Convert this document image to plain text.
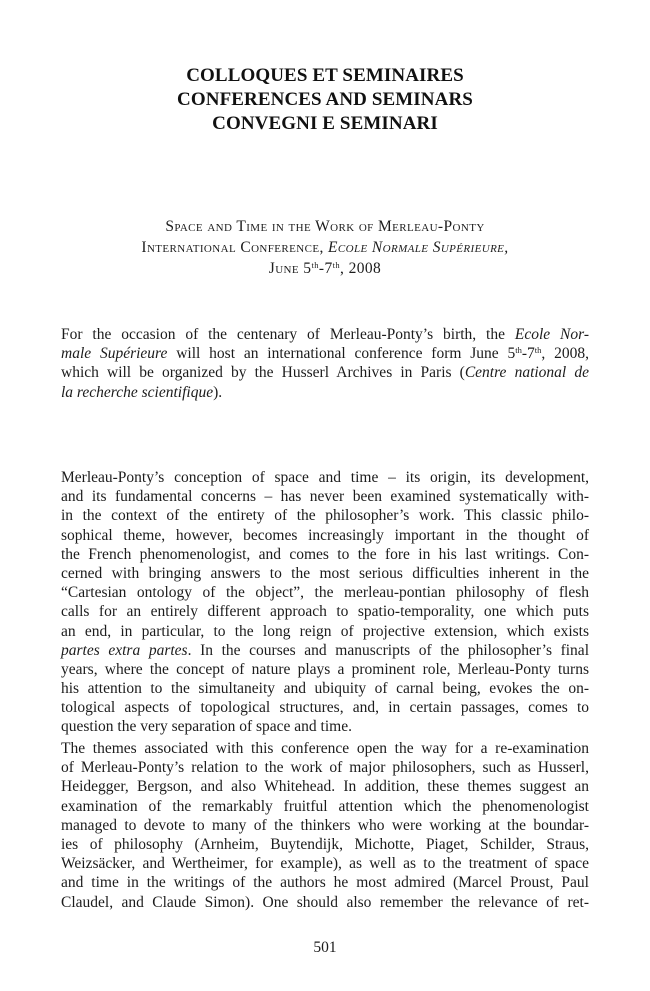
COLLOQUES ET SEMINAIRES
CONFERENCES AND SEMINARS
CONVEGNI E SEMINARI
Space and Time in the Work of Merleau-Ponty
International Conference, Ecole Normale Supérieure,
June 5th-7th, 2008
For the occasion of the centenary of Merleau-Ponty’s birth, the Ecole Nor-
male Supérieure will host an international conference form June 5th-7th, 2008,
which will be organized by the Husserl Archives in Paris (Centre national de
la recherche scientifique).
Merleau-Ponty’s conception of space and time – its origin, its development,
and its fundamental concerns – has never been examined systematically with-
in the context of the entirety of the philosopher’s work. This classic philo-
sophical theme, however, becomes increasingly important in the thought of
the French phenomenologist, and comes to the fore in his last writings. Con-
cerned with bringing answers to the most serious difficulties inherent in the
“Cartesian ontology of the object”, the merleau-pontian philosophy of flesh
calls for an entirely different approach to spatio-temporality, one which puts
an end, in particular, to the long reign of projective extension, which exists
partes extra partes. In the courses and manuscripts of the philosopher’s final
years, where the concept of nature plays a prominent role, Merleau-Ponty turns
his attention to the simultaneity and ubiquity of carnal being, evokes the on-
tological aspects of topological structures, and, in certain passages, comes to
question the very separation of space and time.
The themes associated with this conference open the way for a re-examination
of Merleau-Ponty’s relation to the work of major philosophers, such as Husserl,
Heidegger, Bergson, and also Whitehead. In addition, these themes suggest an
examination of the remarkably fruitful attention which the phenomenologist
managed to devote to many of the thinkers who were working at the boundar-
ies of philosophy (Arnheim, Buytendijk, Michotte, Piaget, Schilder, Straus,
Weizsäcker, and Wertheimer, for example), as well as to the treatment of space
and time in the writings of the authors he most admired (Marcel Proust, Paul
Claudel, and Claude Simon). One should also remember the relevance of ret-
501
